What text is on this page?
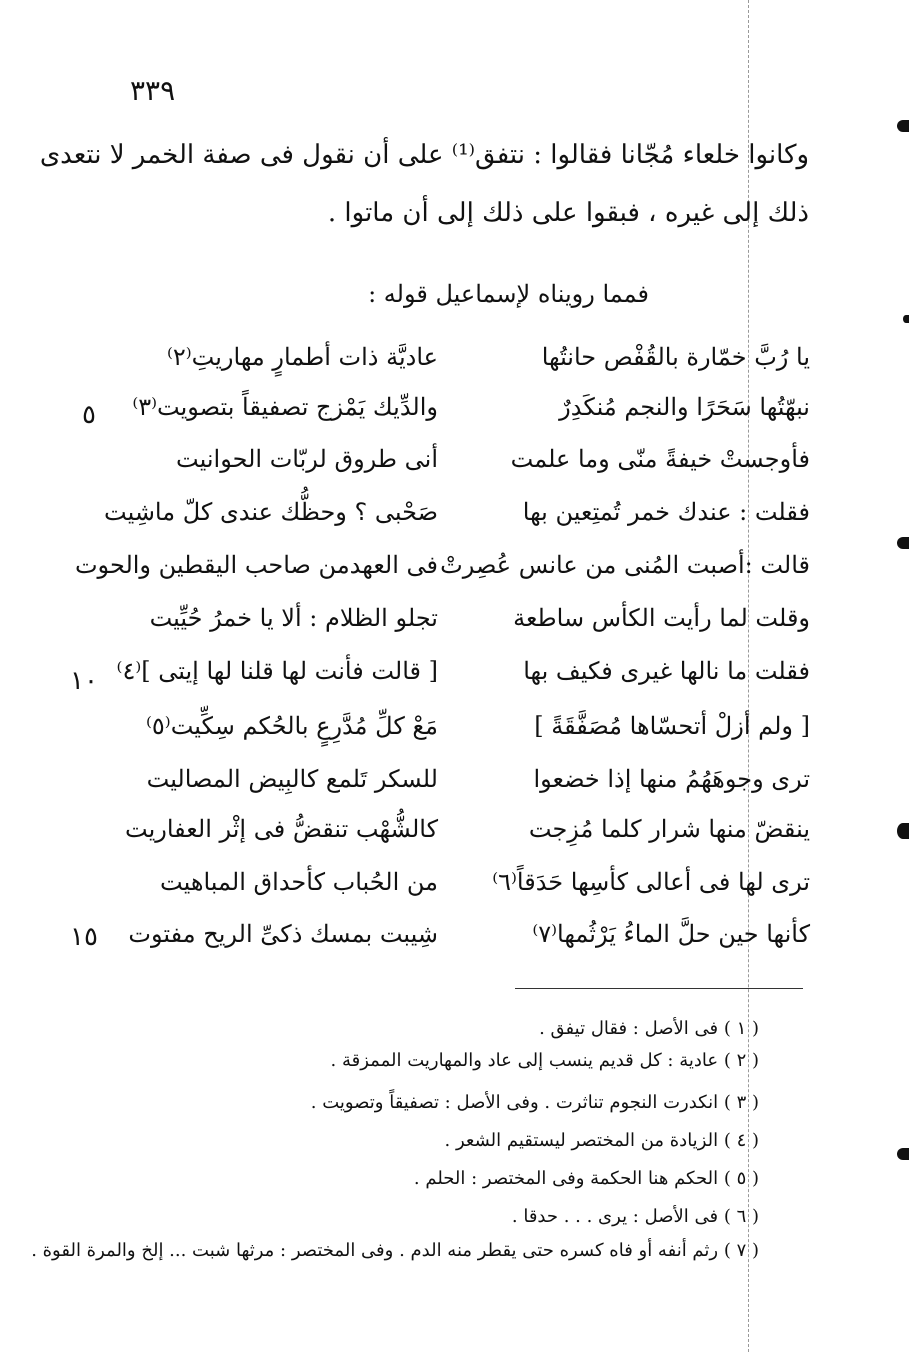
٣٣٩
وكانوا خلعاء مُجّانا فقالوا : نتفق⁽¹⁾ على أن نقول فى صفة الخمر لا نتعدى
ذلك إلى غيره ، فبقوا على ذلك إلى أن ماتوا .
فمما رويناه لإسماعيل قوله :
يا رُبَّ خمّارة بالقُفْص حانتُها
عاديَّة ذات أطمارٍ مهاريتِ⁽٢⁾
نبهّتُها سَحَرًا والنجم مُنكَدِرٌ
والدِّيك يَمْزج تصفيقاً بتصويت⁽٣⁾
فأوجستْ خيفةً منّى وما علمت
أنى طروق لربّات الحوانيت
فقلت : عندك خمر تُمتِعين بها
صَحْبى ؟ وحظُّك عندى كلّ ماشِيت
قالت :أصبت المُنى من عانس عُصِرتْ
فى العهدمن صاحب اليقطين والحوت
وقلت لما رأيت الكأس ساطعة
تجلو الظلام : ألا يا خمرُ حُيِّيت
فقلت ما نالها غيرى فكيف بها
[ قالت فأنت لها قلنا لها إيتى ]⁽٤⁾
[ ولم أزلْ أتحسّاها مُصَفَّقَةً ]
مَعْ كلِّ مُدَّرِعٍ بالحُكم سِكِّيت⁽٥⁾
ترى وجوهَهُمُ منها إذا خضعوا
للسكر تَلمع كالبِيض المصاليت
ينقضّ منها شرار كلما مُزِجت
كالشُّهْب تنقضُّ فى إثْر العفاريت
ترى لها فى أعالى كأسِها حَدَقاً⁽٦⁾
من الحُباب كأحداق المباهيت
كأنها حين حلَّ الماءُ يَرْثُمها⁽٧⁾
شِيبت بمسك ذكىِّ الريح مفتوت
٥
١٠
١٥
( ١ ) فى الأصل : فقال تيفق .
( ٢ ) عادية : كل قديم ينسب إلى عاد والمهاريت الممزقة .
( ٣ ) انكدرت النجوم تناثرت . وفى الأصل : تصفيقاً وتصويت .
( ٤ ) الزيادة من المختصر ليستقيم الشعر .
( ٥ ) الحكم هنا الحكمة وفى المختصر : الحلم .
( ٦ ) فى الأصل : يرى . . . حدقا .
( ٧ ) رثم أنفه أو فاه كسره حتى يقطر منه الدم . وفى المختصر : مرثها شبت ... إلخ والمرة القوة .
